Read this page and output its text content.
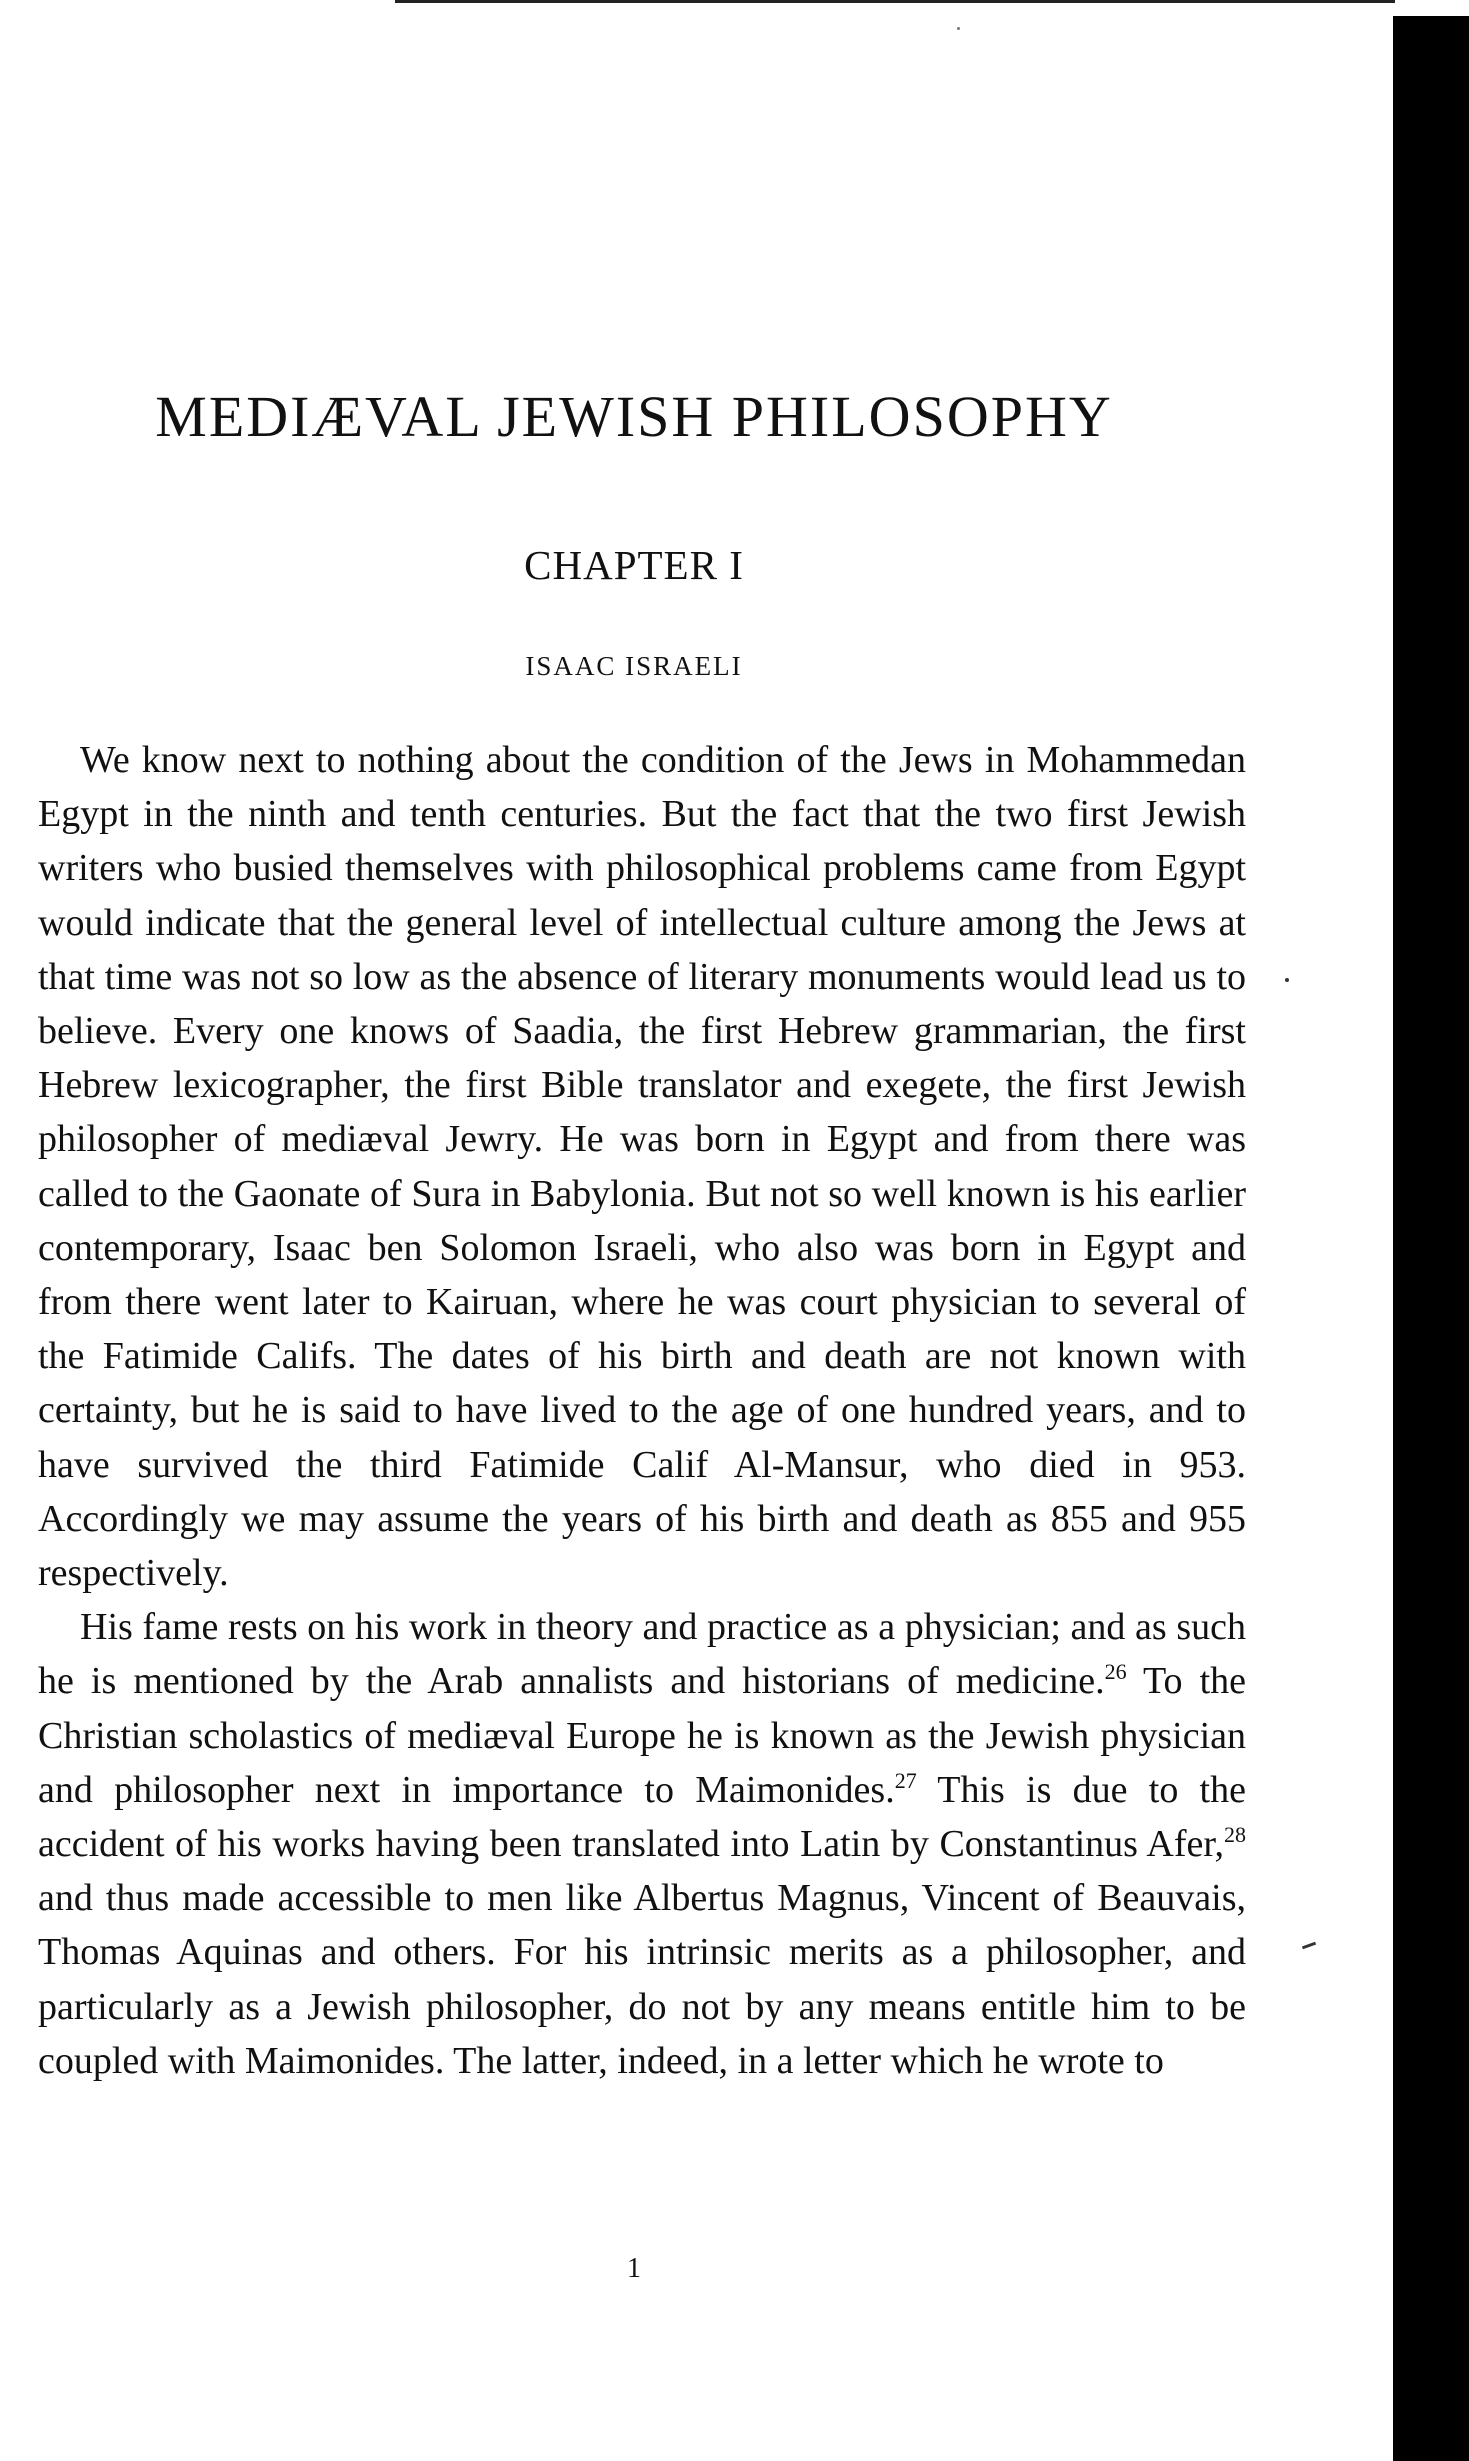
MEDIÆVAL JEWISH PHILOSOPHY
CHAPTER I
ISAAC ISRAELI

We know next to nothing about the condition of the Jews in Mohammedan Egypt in the ninth and tenth centuries. But the fact that the two first Jewish writers who busied themselves with philosophical problems came from Egypt would indicate that the general level of intellectual culture among the Jews at that time was not so low as the absence of literary monuments would lead us to believe. Every one knows of Saadia, the first Hebrew grammarian, the first Hebrew lexicographer, the first Bible translator and exegete, the first Jewish philosopher of mediæval Jewry. He was born in Egypt and from there was called to the Gaonate of Sura in Babylonia. But not so well known is his earlier contemporary, Isaac ben Solomon Israeli, who also was born in Egypt and from there went later to Kairuan, where he was court physician to several of the Fatimide Califs. The dates of his birth and death are not known with certainty, but he is said to have lived to the age of one hundred years, and to have survived the third Fatimide Calif Al-Mansur, who died in 953. Accordingly we may assume the years of his birth and death as 855 and 955 respectively.

His fame rests on his work in theory and practice as a physician; and as such he is mentioned by the Arab annalists and historians of medicine.$^{26}$ To the Christian scholastics of mediæval Europe he is known as the Jewish physician and philosopher next in importance to Maimonides.$^{27}$ This is due to the accident of his works having been translated into Latin by Constantinus Afer,$^{28}$ and thus made accessible to men like Albertus Magnus, Vincent of Beauvais, Thomas Aquinas and others. For his intrinsic merits as a philosopher, and particularly as a Jewish philosopher, do not by any means entitle him to be coupled with Maimonides. The latter, indeed, in a letter which he wrote to

1
